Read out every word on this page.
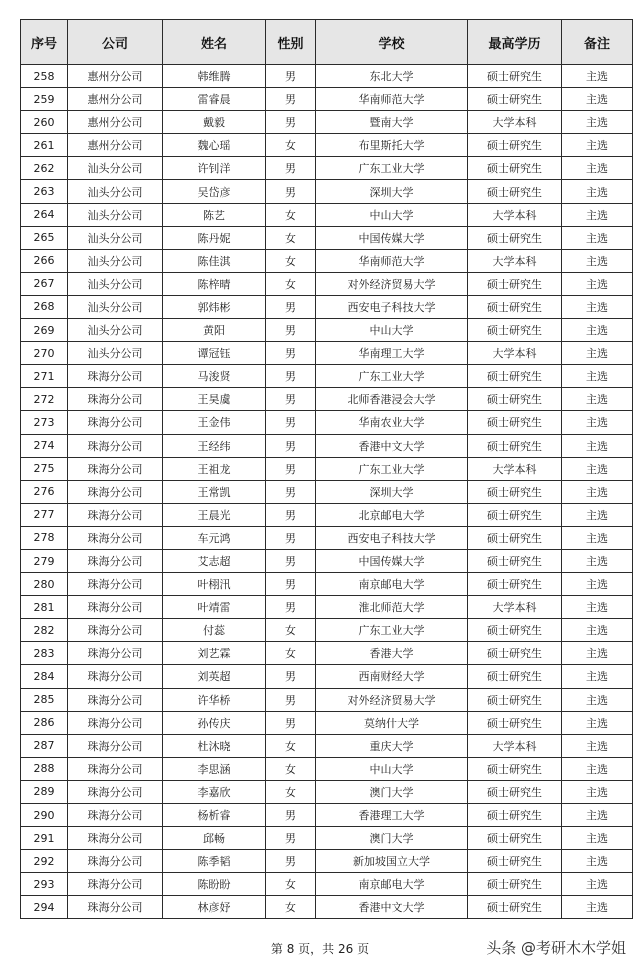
序号	公司	姓名	性别	学校	最高学历	备注
258	惠州分公司	韩维腾	男	东北大学	硕士研究生	主选
259	惠州分公司	雷睿晨	男	华南师范大学	硕士研究生	主选
260	惠州分公司	戴毅	男	暨南大学	大学本科	主选
261	惠州分公司	魏心瑶	女	布里斯托大学	硕士研究生	主选
262	汕头分公司	许钊洋	男	广东工业大学	硕士研究生	主选
263	汕头分公司	吴岱彦	男	深圳大学	硕士研究生	主选
264	汕头分公司	陈艺	女	中山大学	大学本科	主选
265	汕头分公司	陈丹妮	女	中国传媒大学	硕士研究生	主选
266	汕头分公司	陈佳淇	女	华南师范大学	大学本科	主选
267	汕头分公司	陈梓晴	女	对外经济贸易大学	硕士研究生	主选
268	汕头分公司	郭炜彬	男	西安电子科技大学	硕士研究生	主选
269	汕头分公司	黄阳	男	中山大学	硕士研究生	主选
270	汕头分公司	谭冠钰	男	华南理工大学	大学本科	主选
271	珠海分公司	马浚贤	男	广东工业大学	硕士研究生	主选
272	珠海分公司	王昊虞	男	北师香港浸会大学	硕士研究生	主选
273	珠海分公司	王金伟	男	华南农业大学	硕士研究生	主选
274	珠海分公司	王经纬	男	香港中文大学	硕士研究生	主选
275	珠海分公司	王祖龙	男	广东工业大学	大学本科	主选
276	珠海分公司	王常凯	男	深圳大学	硕士研究生	主选
277	珠海分公司	王晨光	男	北京邮电大学	硕士研究生	主选
278	珠海分公司	车元鸿	男	西安电子科技大学	硕士研究生	主选
279	珠海分公司	艾志超	男	中国传媒大学	硕士研究生	主选
280	珠海分公司	叶栩汛	男	南京邮电大学	硕士研究生	主选
281	珠海分公司	叶靖雷	男	淮北师范大学	大学本科	主选
282	珠海分公司	付蕊	女	广东工业大学	硕士研究生	主选
283	珠海分公司	刘艺霖	女	香港大学	硕士研究生	主选
284	珠海分公司	刘英超	男	西南财经大学	硕士研究生	主选
285	珠海分公司	许华桥	男	对外经济贸易大学	硕士研究生	主选
286	珠海分公司	孙传庆	男	莫纳什大学	硕士研究生	主选
287	珠海分公司	杜沐晓	女	重庆大学	大学本科	主选
288	珠海分公司	李思涵	女	中山大学	硕士研究生	主选
289	珠海分公司	李嘉欣	女	澳门大学	硕士研究生	主选
290	珠海分公司	杨析睿	男	香港理工大学	硕士研究生	主选
291	珠海分公司	邱畅	男	澳门大学	硕士研究生	主选
292	珠海分公司	陈季韬	男	新加坡国立大学	硕士研究生	主选
293	珠海分公司	陈盼盼	女	南京邮电大学	硕士研究生	主选
294	珠海分公司	林彦妤	女	香港中文大学	硕士研究生	主选
第 8 页，共 26 页	头条 @考研木木学姐
